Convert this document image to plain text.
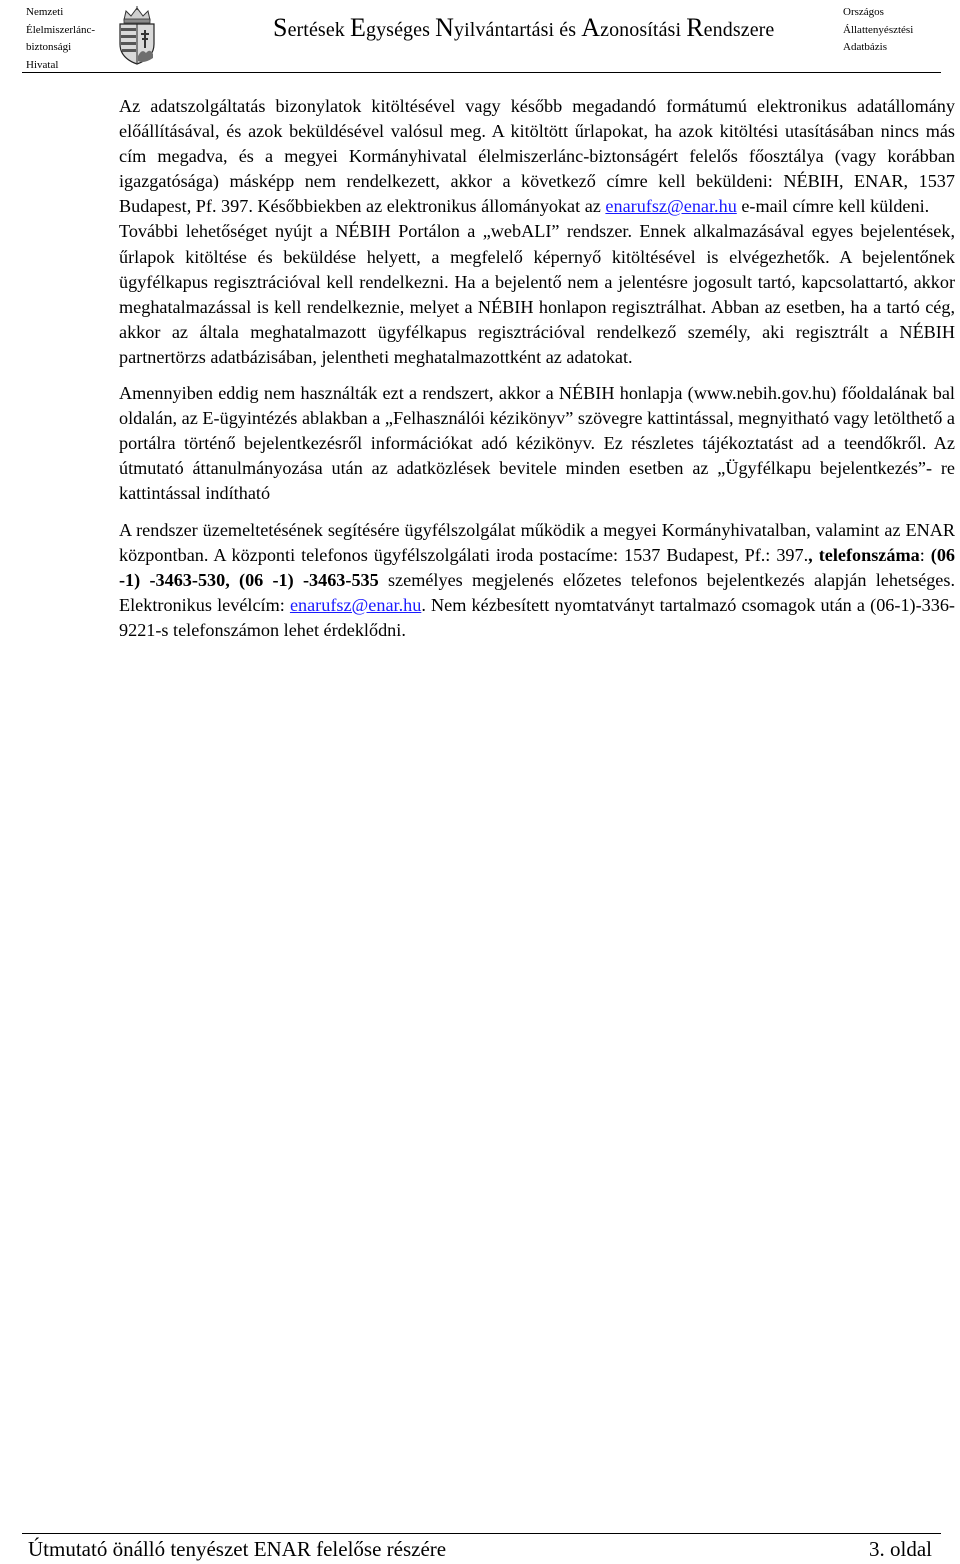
Nemzeti
Élelmiszerlánc-
biztonsági
Hivatal
Sertések Egységes Nyilvántartási és Azonosítási Rendszere
Országos
Állattenyésztési
Adatbázis

Az adatszolgáltatás bizonylatok kitöltésével vagy később megadandó formátumú elektronikus adatállomány előállításával, és azok beküldésével valósul meg. A kitöltött űrlapokat, ha azok kitöltési utasításában nincs más cím megadva, és a megyei Kormányhivatal élelmiszerlánc-biztonságért felelős főosztálya (vagy korábban igazgatósága) másképp nem rendelkezett, akkor a következő címre kell beküldeni: NÉBIH, ENAR, 1537 Budapest, Pf. 397. Későbbiekben az elektronikus állományokat az enarufsz@enar.hu e-mail címre kell küldeni.

További lehetőséget nyújt a NÉBIH Portálon a „webALI” rendszer. Ennek alkalmazásával egyes bejelentések, űrlapok kitöltése és beküldése helyett, a megfelelő képernyő kitöltésével is elvégezhetők. A bejelentőnek ügyfélkapus regisztrációval kell rendelkezni. Ha a bejelentő nem a jelentésre jogosult tartó, kapcsolattartó, akkor meghatalmazással is kell rendelkeznie, melyet a NÉBIH honlapon regisztrálhat. Abban az esetben, ha a tartó cég, akkor az általa meghatalmazott ügyfélkapus regisztrációval rendelkező személy, aki regisztrált a NÉBIH partnertörzs adatbázisában, jelentheti meghatalmazottként az adatokat.

Amennyiben eddig nem használták ezt a rendszert, akkor a NÉBIH honlapja (www.nebih.gov.hu) főoldalának bal oldalán, az E-ügyintézés ablakban a „Felhasználói kézikönyv” szövegre kattintással, megnyitható vagy letölthető a portálra történő bejelentkezésről információkat adó kézikönyv. Ez részletes tájékoztatást ad a teendőkről. Az útmutató áttanulmányozása után az adatközlések bevitele minden esetben az „Ügyfélkapu bejelentkezés”- re kattintással indítható

A rendszer üzemeltetésének segítésére ügyfélszolgálat működik a megyei Kormányhivatalban, valamint az ENAR központban. A központi telefonos ügyfélszolgálati iroda postacíme: 1537 Budapest, Pf.: 397., telefonszáma: (06 -1) -3463-530, (06 -1) -3463-535 személyes megjelenés előzetes telefonos bejelentkezés alapján lehetséges. Elektronikus levélcím: enarufsz@enar.hu. Nem kézbesített nyomtatványt tartalmazó csomagok után a (06-1)-336-9221-s telefonszámon lehet érdeklődni.

Útmutató önálló tenyészet ENAR felelőse részére	3. oldal
